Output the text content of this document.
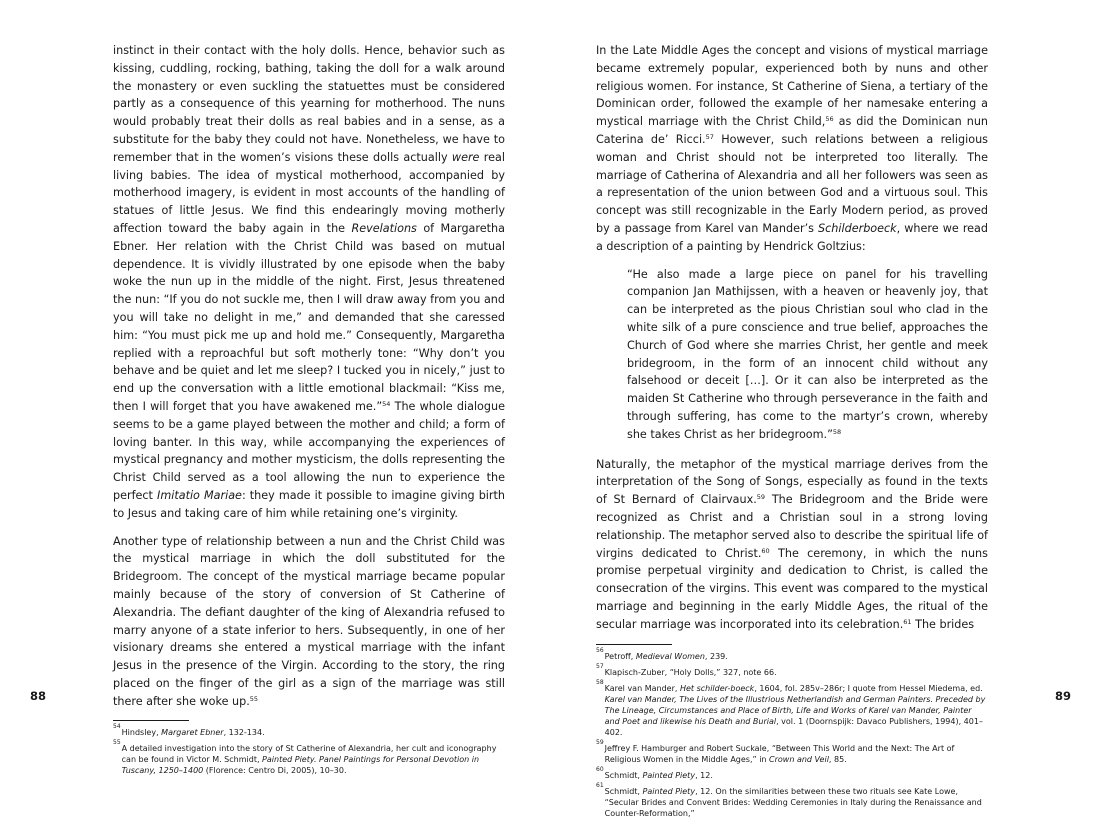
instinct in their contact with the holy dolls. Hence, behavior such as kissing, cuddling, rocking, bathing, taking the doll for a walk around the monastery or even suckling the statuettes must be considered partly as a consequence of this yearning for motherhood. The nuns would probably treat their dolls as real babies and in a sense, as a substitute for the baby they could not have. Nonetheless, we have to remember that in the women’s visions these dolls actually were real living babies. The idea of mystical motherhood, accompanied by motherhood imagery, is evident in most accounts of the handling of statues of little Jesus. We find this endearingly moving motherly affection toward the baby again in the Revelations of Margaretha Ebner. Her relation with the Christ Child was based on mutual dependence. It is vividly illustrated by one episode when the baby woke the nun up in the middle of the night. First, Jesus threatened the nun: “If you do not suckle me, then I will draw away from you and you will take no delight in me,” and demanded that she caressed him: “You must pick me up and hold me.” Consequently, Margaretha replied with a reproachful but soft motherly tone: “Why don’t you behave and be quiet and let me sleep? I tucked you in nicely,” just to end up the conversation with a little emotional blackmail: “Kiss me, then I will forget that you have awakened me.”$^{54}$ The whole dialogue seems to be a game played between the mother and child; a form of loving banter. In this way, while accompanying the experiences of mystical pregnancy and mother mysticism, the dolls representing the Christ Child served as a tool allowing the nun to experience the perfect Imitatio Mariae: they made it possible to imagine giving birth to Jesus and taking care of him while retaining one’s virginity.

Another type of relationship between a nun and the Christ Child was the mystical marriage in which the doll substituted for the Bridegroom. The concept of the mystical marriage became popular mainly because of the story of conversion of St Catherine of Alexandria. The defiant daughter of the king of Alexandria refused to marry anyone of a state inferior to hers. Subsequently, in one of her visionary dreams she entered a mystical marriage with the infant Jesus in the presence of the Virgin. According to the story, the ring placed on the finger of the girl as a sign of the marriage was still there after she woke up.$^{55}$

54
Hindsley, Margaret Ebner, 132-134.
55
A detailed investigation into the story of St Catherine of Alexandria, her cult and iconography can be found in Victor M. Schmidt, Painted Piety. Panel Paintings for Personal Devotion in Tuscany, 1250–1400 (Florence: Centro Di, 2005), 10–30.
88

In the Late Middle Ages the concept and visions of mystical marriage became extremely popular, experienced both by nuns and other religious women. For instance, St Catherine of Siena, a tertiary of the Dominican order, followed the example of her namesake entering a mystical marriage with the Christ Child,$^{56}$ as did the Dominican nun Caterina de’ Ricci.$^{57}$ However, such relations between a religious woman and Christ should not be interpreted too literally. The marriage of Catherina of Alexandria and all her followers was seen as a representation of the union between God and a virtuous soul. This concept was still recognizable in the Early Modern period, as proved by a passage from Karel van Mander’s Schilderboeck, where we read a description of a painting by Hendrick Goltzius:

“He also made a large piece on panel for his travelling companion Jan Mathijssen, with a heaven or heavenly joy, that can be interpreted as the pious Christian soul who clad in the white silk of a pure conscience and true belief, approaches the Church of God where she marries Christ, her gentle and meek bridegroom, in the form of an innocent child without any falsehood or deceit […]. Or it can also be interpreted as the maiden St Catherine who through perseverance in the faith and through suffering, has come to the martyr’s crown, whereby she takes Christ as her bridegroom.”$^{58}$

Naturally, the metaphor of the mystical marriage derives from the interpretation of the Song of Songs, especially as found in the texts of St Bernard of Clairvaux.$^{59}$ The Bridegroom and the Bride were recognized as Christ and a Christian soul in a strong loving relationship. The metaphor served also to describe the spiritual life of virgins dedicated to Christ.$^{60}$ The ceremony, in which the nuns promise perpetual virginity and dedication to Christ, is called the consecration of the virgins. This event was compared to the mystical marriage and beginning in the early Middle Ages, the ritual of the secular marriage was incorporated into its celebration.$^{61}$ The brides

56
Petroff, Medieval Women, 239.
57
Klapisch-Zuber, “Holy Dolls,” 327, note 66.
58
Karel van Mander, Het schilder-boeck, 1604, fol. 285v–286r; I quote from Hessel Miedema, ed. Karel van Mander, The Lives of the Illustrious Netherlandish and German Painters. Preceded by The Lineage, Circumstances and Place of Birth, Life and Works of Karel van Mander, Painter and Poet and likewise his Death and Burial, vol. 1 (Doornspijk: Davaco Publishers, 1994), 401–402.
59
Jeffrey F. Hamburger and Robert Suckale, “Between This World and the Next: The Art of Religious Women in the Middle Ages,” in Crown and Veil, 85.
60
Schmidt, Painted Piety, 12.
61
Schmidt, Painted Piety, 12. On the similarities between these two rituals see Kate Lowe, “Secular Brides and Convent Brides: Wedding Ceremonies in Italy during the Renaissance and Counter-Reformation,”
89
